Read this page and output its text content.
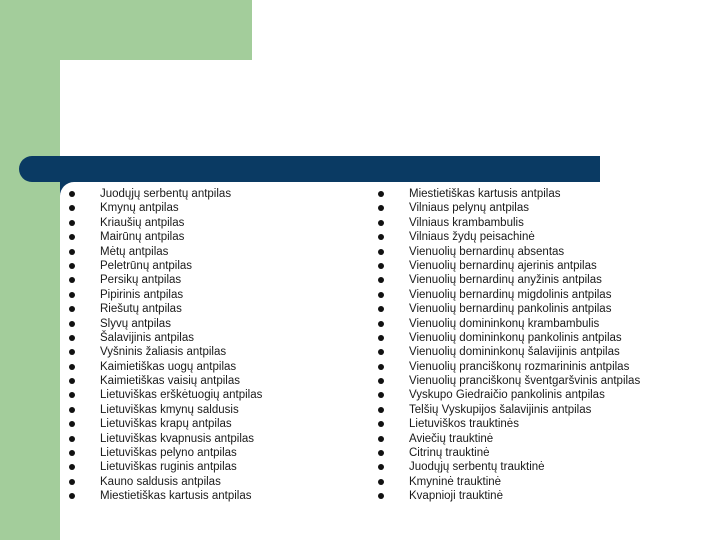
Juodųjų serbentų antpilas
Kmynų antpilas
Kriaušių antpilas
Mairūnų antpilas
Mėtų antpilas
Peletrūnų antpilas
Persikų antpilas
Pipirinis antpilas
Riešutų antpilas
Slyvų antpilas
Šalavijinis antpilas
Vyšninis žaliasis antpilas
Kaimietiškas uogų antpilas
Kaimietiškas vaisių antpilas
Lietuviškas erškėtuogių antpilas
Lietuviškas kmynų saldusis
Lietuviškas krapų antpilas
Lietuviškas kvapnusis antpilas
Lietuviškas pelyno antpilas
Lietuviškas ruginis antpilas
Kauno saldusis antpilas
Miestietiškas kartusis antpilas
Miestietiškas kartusis antpilas
Vilniaus pelynų antpilas
Vilniaus krambambulis
Vilniaus žydų peisachinė
Vienuolių bernardinų absentas
Vienuolių bernardinų ajerinis antpilas
Vienuolių bernardinų anyžinis antpilas
Vienuolių bernardinų migdolinis antpilas
Vienuolių bernardinų pankolinis antpilas
Vienuolių domininkonų krambambulis
Vienuolių domininkonų pankolinis antpilas
Vienuolių domininkonų šalavijinis antpilas
Vienuolių pranciškonų rozmarininis antpilas
Vienuolių pranciškonų šventgaršvinis antpilas
Vyskupo Giedraičio pankolinis antpilas
Telšių Vyskupijos šalavijinis antpilas
Lietuviškos trauktinės
Aviečių trauktinė
Citrinų trauktinė
Juodųjų serbentų trauktinė
Kmyninė trauktinė
Kvapnioji trauktinė
